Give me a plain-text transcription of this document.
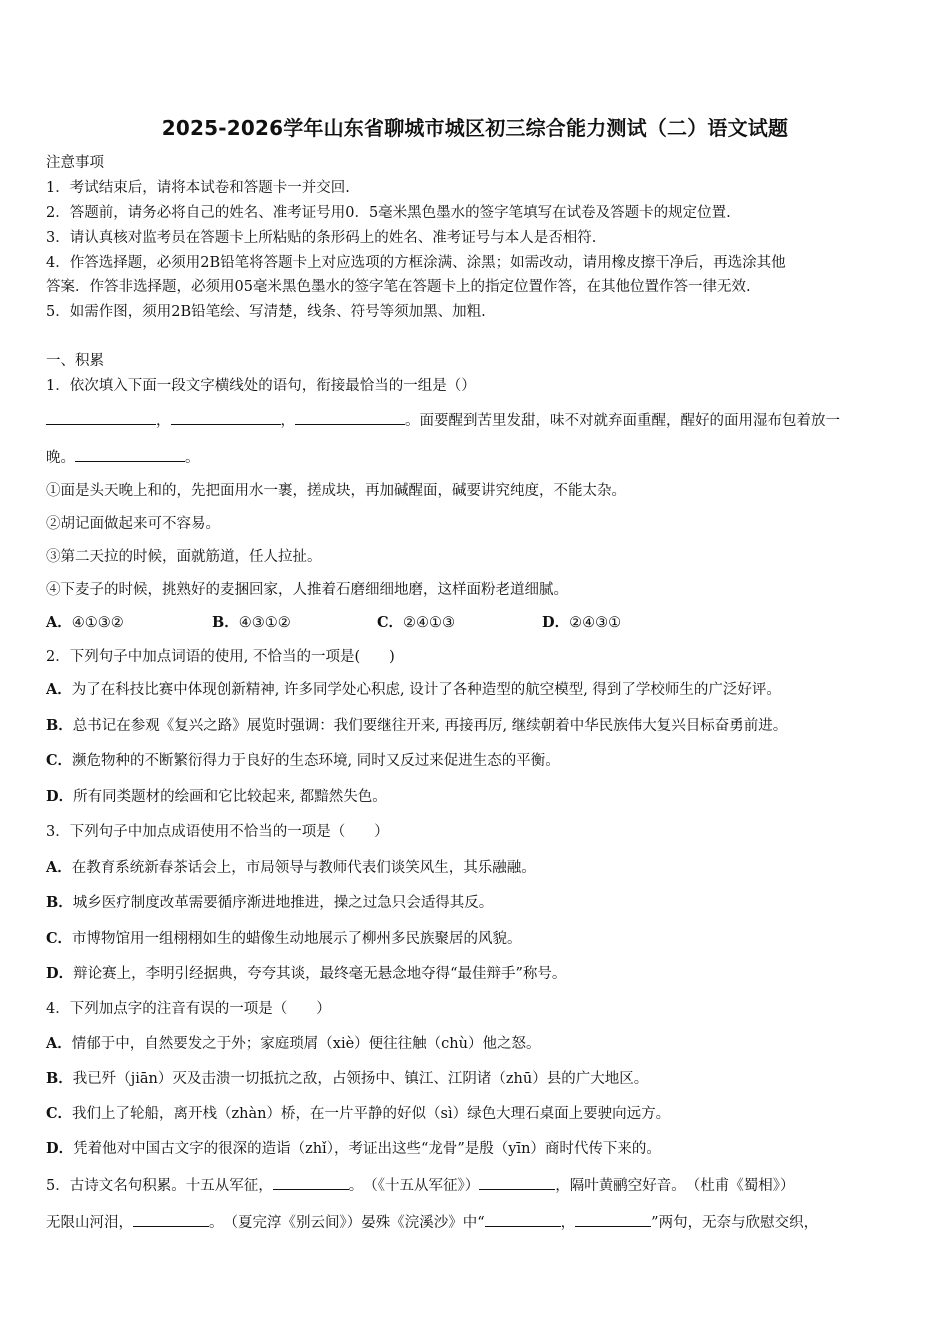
2025-2026学年山东省聊城市城区初三综合能力测试（二）语文试题
注意事项
1．考试结束后，请将本试卷和答题卡一并交回.
2．答题前，请务必将自己的姓名、准考证号用0．5毫米黑色墨水的签字笔填写在试卷及答题卡的规定位置.
3．请认真核对监考员在答题卡上所粘贴的条形码上的姓名、准考证号与本人是否相符.
4．作答选择题，必须用2B铅笔将答题卡上对应选项的方框涂满、涂黑；如需改动，请用橡皮擦干净后，再选涂其他
答案．作答非选择题，必须用05毫米黑色墨水的签字笔在答题卡上的指定位置作答，在其他位置作答一律无效.
5．如需作图，须用2B铅笔绘、写清楚，线条、符号等须加黑、加粗.
一、积累
1．依次填入下面一段文字横线处的语句，衔接最恰当的一组是（）
，	，	。面要醒到苦里发甜，味不对就弃面重醒，醒好的面用湿布包着放一
晚。	。
①面是头天晚上和的，先把面用水一裹，搓成块，再加碱醒面，碱要讲究纯度，不能太杂。
②胡记面做起来可不容易。
③第二天拉的时候，面就筋道，任人拉扯。
④下麦子的时候，挑熟好的麦捆回家，人推着石磨细细地磨，这样面粉老道细腻。
A．④①③②	B．④③①②	C．②④①③	D．②④③①
2．下列句子中加点词语的使用, 不恰当的一项是(　　)
A．为了在科技比赛中体现创新精神, 许多同学处心积虑, 设计了各种造型的航空模型, 得到了学校师生的广泛好评。
B．总书记在参观《复兴之路》展览时强调：我们要继往开来, 再接再厉, 继续朝着中华民族伟大复兴目标奋勇前进。
C．濒危物种的不断繁衍得力于良好的生态环境, 同时又反过来促进生态的平衡。
D．所有同类题材的绘画和它比较起来, 都黯然失色。
3．下列句子中加点成语使用不恰当的一项是（　　）
A．在教育系统新春茶话会上，市局领导与教师代表们谈笑风生，其乐融融。
B．城乡医疗制度改革需要循序渐进地推进，操之过急只会适得其反。
C．市博物馆用一组栩栩如生的蜡像生动地展示了柳州多民族聚居的风貌。
D．辩论赛上，李明引经据典，夸夸其谈，最终毫无悬念地夺得“最佳辩手”称号。
4．下列加点字的注音有误的一项是（　　）
A．情郁于中，自然要发之于外；家庭琐屑（xiè）便往往触（chù）他之怒。
B．我已歼（jiān）灭及击溃一切抵抗之敌，占领扬中、镇江、江阴诸（zhū）县的广大地区。
C．我们上了轮船，离开栈（zhàn）桥，在一片平静的好似（sì）绿色大理石桌面上要驶向远方。
D．凭着他对中国古文字的很深的造诣（zhǐ），考证出这些“龙骨”是殷（yīn）商时代传下来的。
5．古诗文名句积累。十五从军征，	。　（《十五从军征》）	，隔叶黄鹂空好音。　（杜甫《蜀相》）
无限山河泪，	。　（夏完淳《别云间》）晏殊《浣溪沙》中“	，	”两句，无奈与欣慰交织，
